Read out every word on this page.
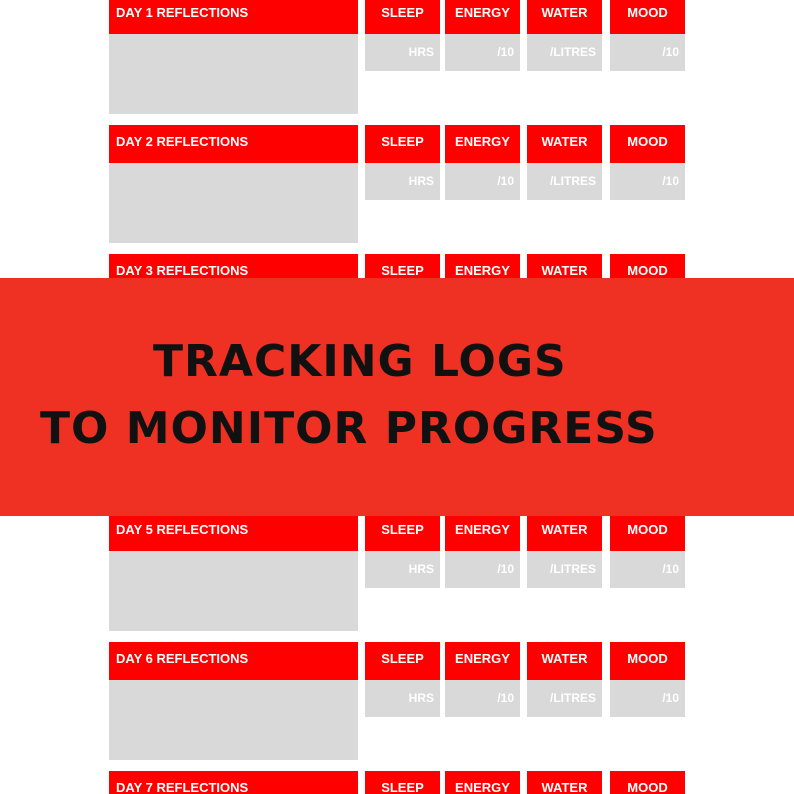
DAY 1 REFLECTIONS	SLEEP	ENERGY	WATER	MOOD
HRS	/10	/LITRES	/10
DAY 2 REFLECTIONS	SLEEP	ENERGY	WATER	MOOD
HRS	/10	/LITRES	/10
DAY 3 REFLECTIONS	SLEEP	ENERGY	WATER	MOOD
DAY 5 REFLECTIONS	SLEEP	ENERGY	WATER	MOOD
HRS	/10	/LITRES	/10
DAY 6 REFLECTIONS	SLEEP	ENERGY	WATER	MOOD
HRS	/10	/LITRES	/10
DAY 7 REFLECTIONS	SLEEP	ENERGY	WATER	MOOD
TRACKING LOGS
TO MONITOR PROGRESS
